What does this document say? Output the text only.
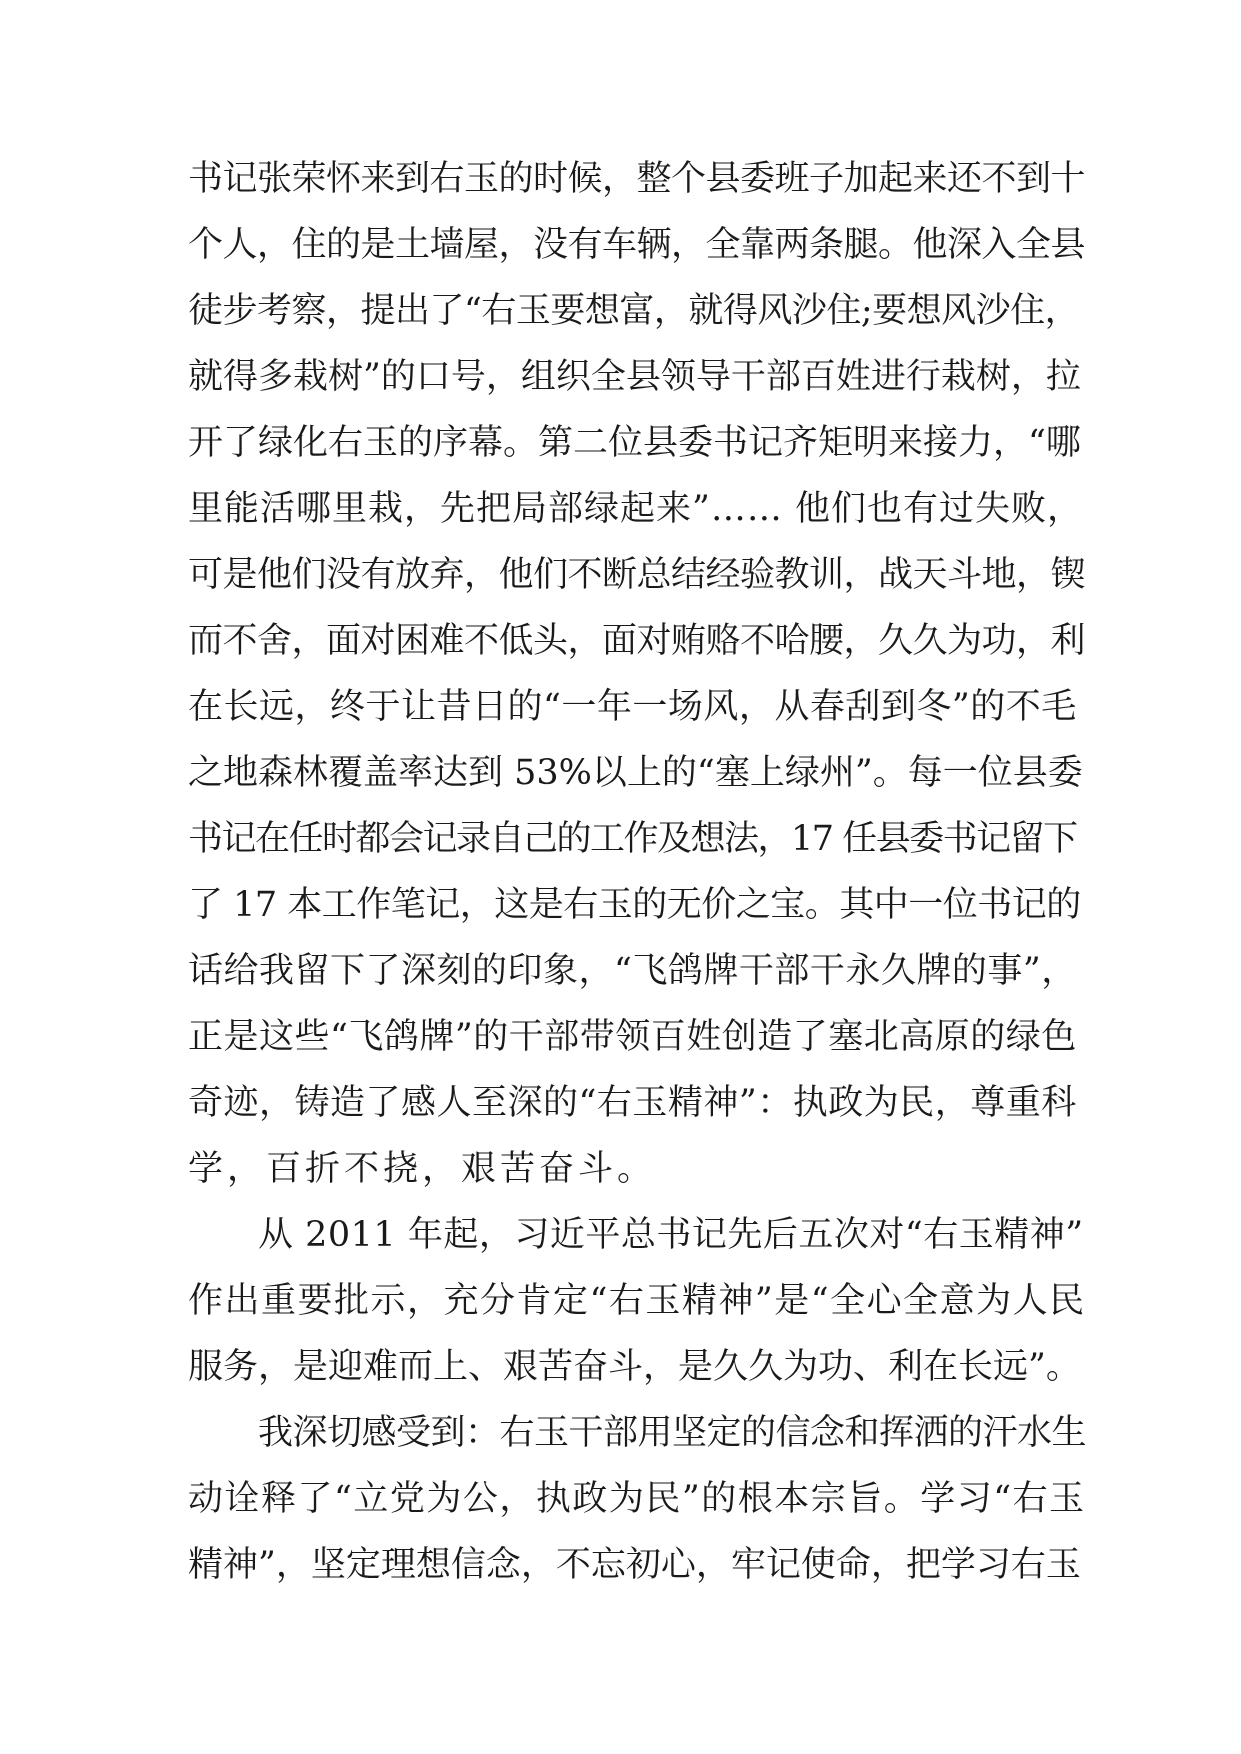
书记张荣怀来到右玉的时候，整个县委班子加起来还不到十
个人，住的是土墙屋，没有车辆，全靠两条腿。他深入全县
徒步考察，提出了“右玉要想富，就得风沙住;要想风沙住，
就得多栽树”的口号，组织全县领导干部百姓进行栽树，拉
开了绿化右玉的序幕。第二位县委书记齐矩明来接力，“哪
里能活哪里栽，先把局部绿起来”…… 他们也有过失败，
可是他们没有放弃，他们不断总结经验教训，战天斗地，锲
而不舍，面对困难不低头，面对贿赂不哈腰，久久为功，利
在长远，终于让昔日的“一年一场风，从春刮到冬”的不毛
之地森林覆盖率达到 53%以上的“塞上绿州”。每一位县委
书记在任时都会记录自己的工作及想法，17 任县委书记留下
了 17 本工作笔记，这是右玉的无价之宝。其中一位书记的
话给我留下了深刻的印象，“飞鸽牌干部干永久牌的事”，
正是这些“飞鸽牌”的干部带领百姓创造了塞北高原的绿色
奇迹，铸造了感人至深的“右玉精神”：执政为民，尊重科
学，百折不挠，艰苦奋斗。
从 2011 年起，习近平总书记先后五次对“右玉精神”
作出重要批示，充分肯定“右玉精神”是“全心全意为人民
服务，是迎难而上、艰苦奋斗，是久久为功、利在长远”。
我深切感受到：右玉干部用坚定的信念和挥洒的汗水生
动诠释了“立党为公，执政为民”的根本宗旨。学习“右玉
精神”，坚定理想信念，不忘初心，牢记使命，把学习右玉
